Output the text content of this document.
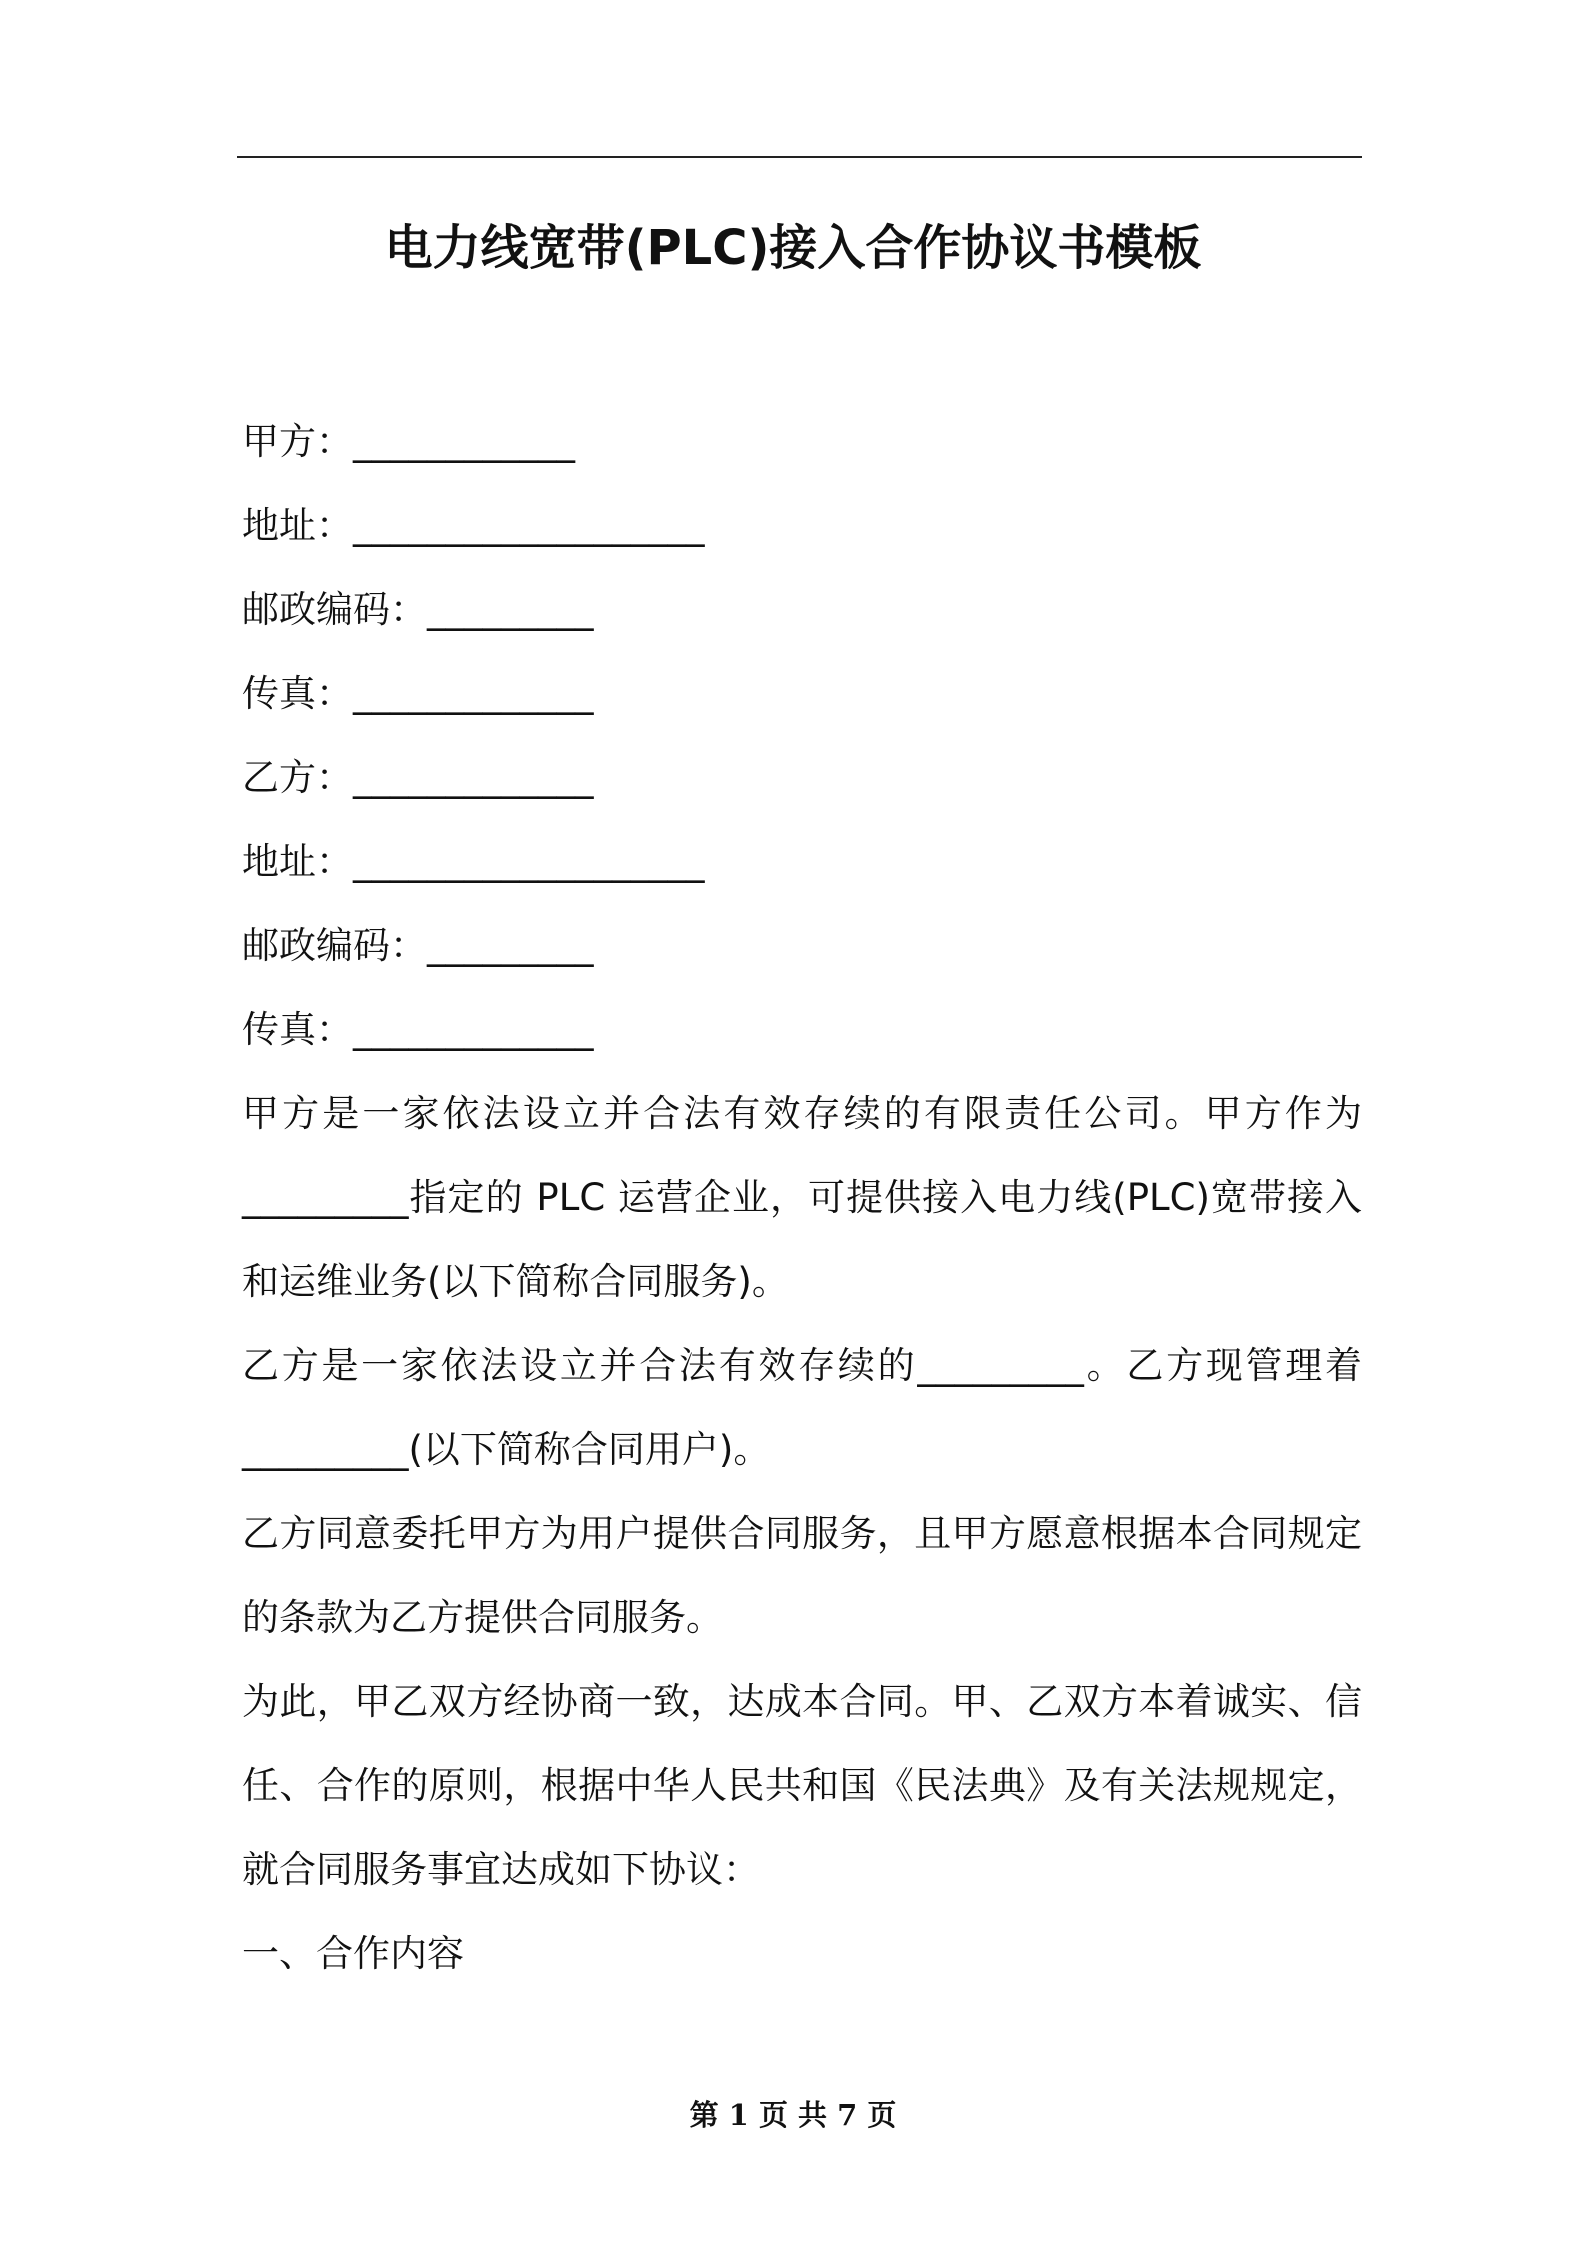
电力线宽带(PLC)接入合作协议书模板
甲方：____________
地址：___________________
邮政编码：_________
传真：_____________
乙方：_____________
地址：___________________
邮政编码：_________
传真：_____________
甲方是一家依法设立并合法有效存续的有限责任公司。甲方作为_________指定的 PLC 运营企业，可提供接入电力线(PLC)宽带接入和运维业务(以下简称合同服务)。
乙方是一家依法设立并合法有效存续的_________。乙方现管理着_________(以下简称合同用户)。
乙方同意委托甲方为用户提供合同服务，且甲方愿意根据本合同规定的条款为乙方提供合同服务。
为此，甲乙双方经协商一致，达成本合同。甲、乙双方本着诚实、信任、合作的原则，根据中华人民共和国《民法典》及有关法规规定，就合同服务事宜达成如下协议：
一、合作内容
第 1 页 共 7 页
